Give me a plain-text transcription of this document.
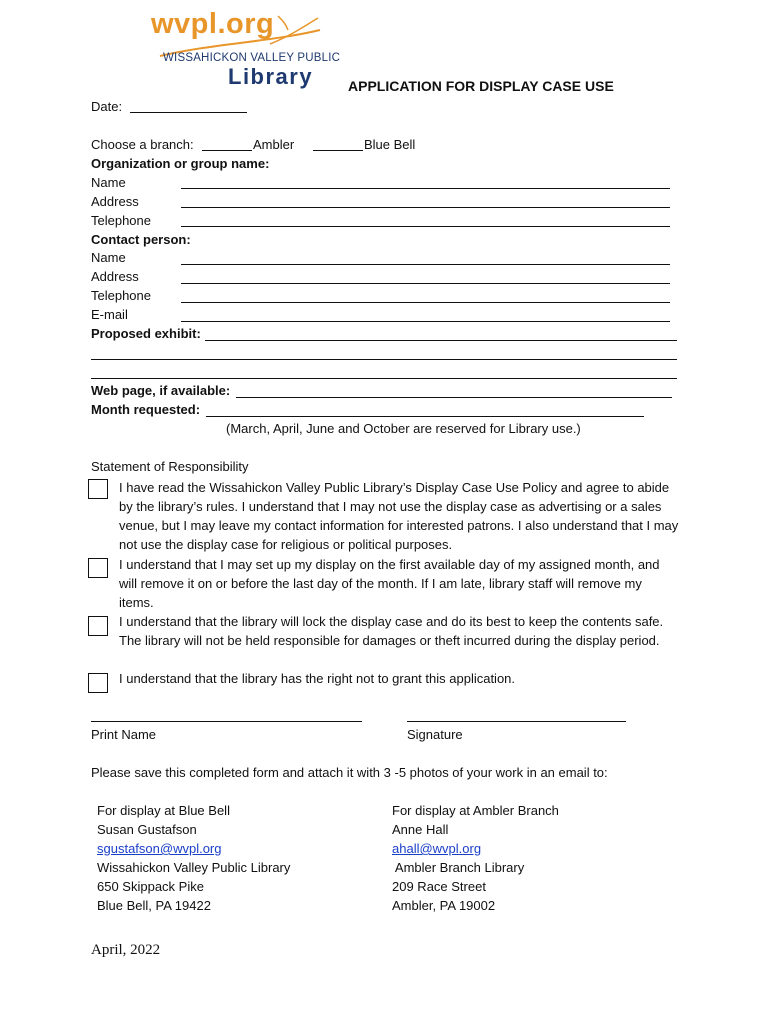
wvpl.org
WISSAHICKON VALLEY PUBLIC
Library APPLICATION FOR DISPLAY CASE USE
Date:
Choose a branch:	Ambler	Blue Bell
Organization or group name:
Name
Address
Telephone
Contact person:
Name
Address
Telephone
E-mail
Proposed exhibit:
Web page, if available:
Month requested:
(March, April, June and October are reserved for Library use.)
Statement of Responsibility
I have read the Wissahickon Valley Public Library’s Display Case Use Policy and agree to abide by the library’s rules. I understand that I may not use the display case as advertising or a sales venue, but I may leave my contact information for interested patrons. I also understand that I may not use the display case for religious or political purposes.
I understand that I may set up my display on the first available day of my assigned month, and will remove it on or before the last day of the month. If I am late, library staff will remove my items.
I understand that the library will lock the display case and do its best to keep the contents safe. The library will not be held responsible for damages or theft incurred during the display period.
I understand that the library has the right not to grant this application.
Print Name	Signature
Please save this completed form and attach it with 3 -5 photos of your work in an email to:
For display at Blue Bell
Susan Gustafson
sgustafson@wvpl.org
Wissahickon Valley Public Library
650 Skippack Pike
Blue Bell, PA 19422
For display at Ambler Branch
Anne Hall
ahall@wvpl.org
Ambler Branch Library
209 Race Street
Ambler, PA 19002
April, 2022
